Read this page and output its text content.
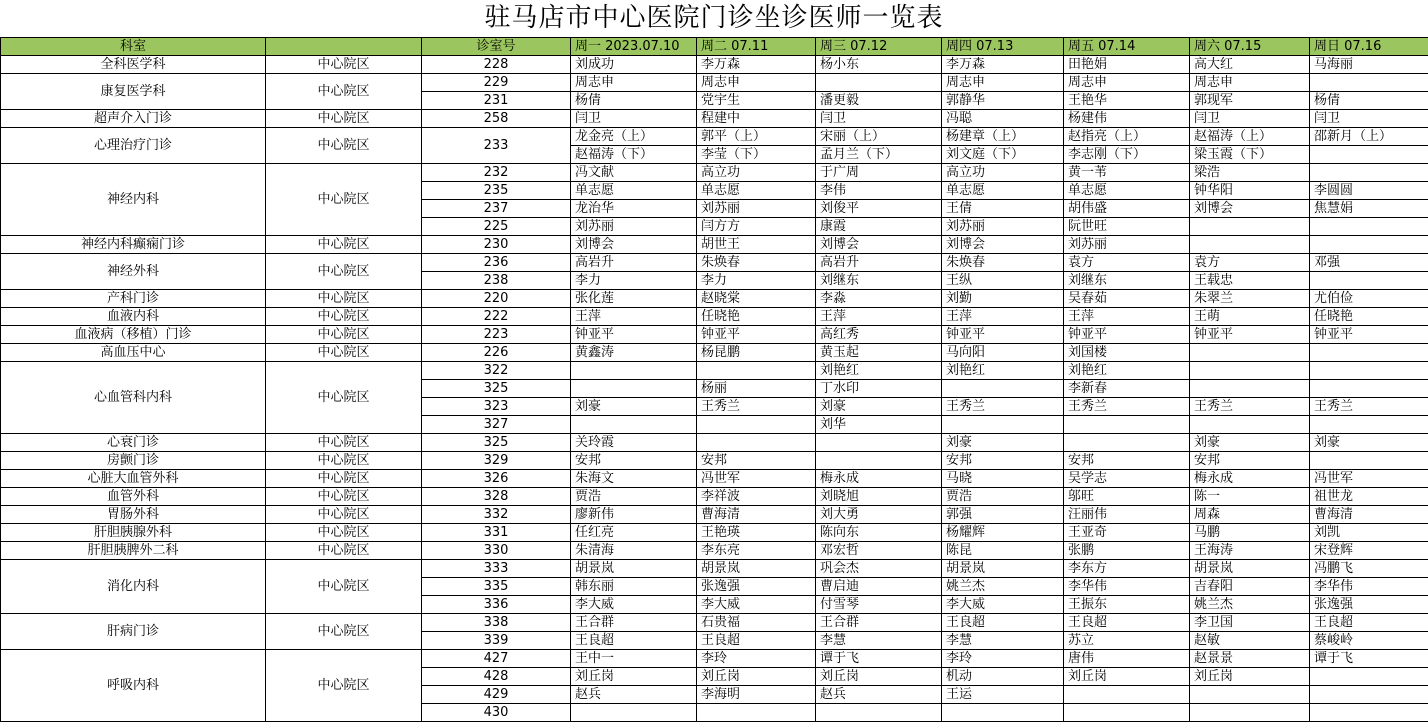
驻马店市中心医院门诊坐诊医师一览表
科室		诊室号	周一 2023.07.10	周二 07.11	周三 07.12	周四 07.13	周五 07.14	周六 07.15	周日 07.16
全科医学科	中心院区	228	刘成功	李万森	杨小东	李万森	田艳娟	高大红	马海丽
康复医学科	中心院区	229	周志申	周志申		周志申	周志申	周志申	
		231	杨倩	党宇生	潘更毅	郭静华	王艳华	郭现军	杨倩
超声介入门诊	中心院区	258	闫卫	程建中	闫卫	冯聪	杨建伟	闫卫	闫卫
心理治疗门诊	中心院区	233	龙金亮（上）	郭平（上）	宋丽（上）	杨建章（上）	赵指亮（上）	赵福涛（上）	邵新月（上）
			赵福涛（下）	李莹（下）	孟月兰（下）	刘文庭（下）	李志刚（下）	梁玉霞（下）	
神经内科	中心院区	232	冯文献	高立功	于广周	高立功	黄一苇	梁浩	
		235	单志愿	单志愿	李伟	单志愿	单志愿	钟华阳	李圆圆
		237	龙治华	刘苏丽	刘俊平	王倩	胡伟盛	刘博会	焦慧娟
		225	刘苏丽	闫方方	康霞	刘苏丽	阮世旺		
神经内科癫痫门诊	中心院区	230	刘博会	胡世王	刘博会	刘博会	刘苏丽		
神经外科	中心院区	236	高岩升	朱焕春	高岩升	朱焕春	袁方	袁方	邓强
		238	李力	李力	刘继东	王纵	刘继东	王载忠	
产科门诊	中心院区	220	张化莲	赵晓棠	李淼	刘勤	吴春茹	朱翠兰	尤伯俭
血液内科	中心院区	222	王萍	任晓艳	王萍	王萍	王萍	王萌	任晓艳
血液病（移植）门诊	中心院区	223	钟亚平	钟亚平	高红秀	钟亚平	钟亚平	钟亚平	钟亚平
高血压中心	中心院区	226	黄鑫涛	杨昆鹏	黄玉起	马向阳	刘国楼		
心血管科内科	中心院区	322			刘艳红	刘艳红	刘艳红		
		325		杨丽	丁水印		李新春		
		323	刘豪	王秀兰	刘豪	王秀兰	王秀兰	王秀兰	王秀兰
		327			刘华				
心衰门诊	中心院区	325	关玲霞			刘豪		刘豪	刘豪
房颤门诊	中心院区	329	安邦	安邦		安邦	安邦	安邦	
心脏大血管外科	中心院区	326	朱海文	冯世军	梅永成	马晓	吴学志	梅永成	冯世军
血管外科	中心院区	328	贾浩	李祥波	刘晓旭	贾浩	邬旺	陈一	祖世龙
胃肠外科	中心院区	332	廖新伟	曹海清	刘大勇	郭强	汪丽伟	周森	曹海清
肝胆胰腺外科	中心院区	331	任红亮	王艳瑛	陈向东	杨耀辉	王亚奇	马鹏	刘凯
肝胆胰脾外二科	中心院区	330	朱清海	李东亮	邓宏哲	陈昆	张鹏	王海涛	宋登辉
消化内科	中心院区	333	胡景岚	胡景岚	巩会杰	胡景岚	李东方	胡景岚	冯鹏飞
		335	韩东丽	张逸强	曹启迪	姚兰杰	李华伟	吉春阳	李华伟
		336	李大威	李大威	付雪琴	李大威	王振东	姚兰杰	张逸强
肝病门诊	中心院区	338	王合群	石贵福	王合群	王良超	王良超	李卫国	王良超
		339	王良超	王良超	李慧	李慧	苏立	赵敏	蔡峻岭
呼吸内科	中心院区	427	王中一	李玲	谭于飞	李玲	唐伟	赵景景	谭于飞
		428	刘丘岗	刘丘岗	刘丘岗	机动	刘丘岗	刘丘岗	
		429	赵兵	李海明	赵兵	王运			
		430							
